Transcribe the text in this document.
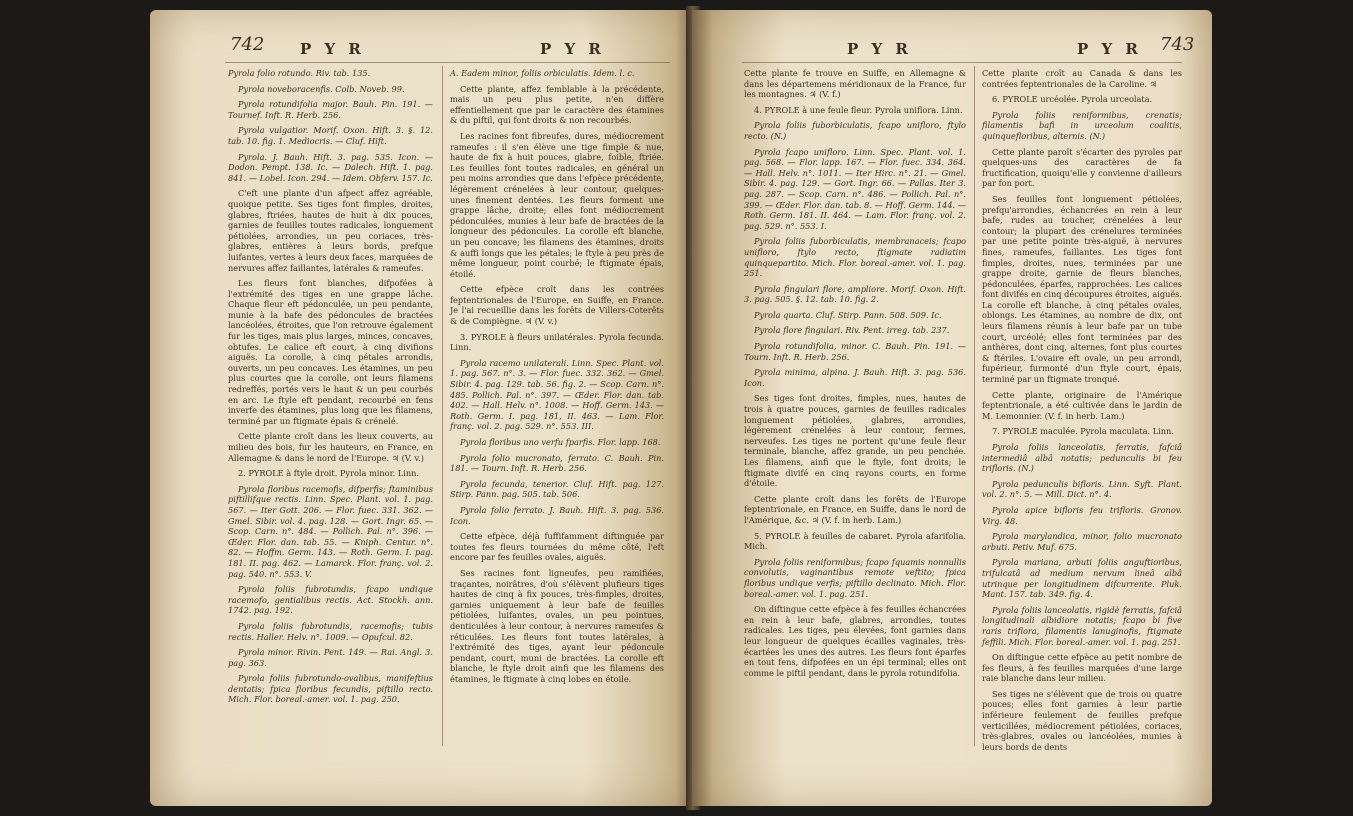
742 P Y R	P Y R

Pyrola folio rotundo. Riv. tab. 135.

Pyrola noveboracenfis. Colb. Noveb. 99.

Pyrola rotundifolia major. Bauh. Pin. 191. — Tournef. Inft. R. Herb. 256.

Pyrola vulgatior. Morif. Oxon. Hift. 3. §. 12. tab. 10. fig. 1. Mediocris. — Cluf. Hift.

Pyrola. J. Bauh. Hift. 3. pag. 535. Icon. — Dodon. Pempt. 138. Ic. — Dalech. Hift. 1. pag. 841. — Lobel. Icon. 294. — Idem. Obferv. 157. Ic.

C'eft une plante d'un afpect affez agréable, quoique petite. Ses tiges font fimples, droites, glabres, ftriées, hautes de huit à dix pouces, garnies de feuilles toutes radicales, longuement pétiolées, arrondies, un peu coriaces, très-glabres, entières à leurs bords, prefque luifantes, vertes à leurs deux faces, marquées de nervures affez faillantes, latérales & rameufes.

Les fleurs font blanches, difpofées à l'extrémité des tiges en une grappe lâche. Chaque fleur eft pédonculée, un peu pendante, munie à la bafe des pédoncules de bractées lancéolées, étroites, que l'on retrouve également fur les tiges, mais plus larges, minces, concaves, obtufes. Le calice eft court, à cinq divifions aiguës. La corolle, à cinq pétales arrondis, ouverts, un peu concaves. Les étamines, un peu plus courtes que la corolle, ont leurs filamens redreffés, portés vers le haut & un peu courbés en arc. Le ftyle eft pendant, recourbé en fens inverfe des étamines, plus long que les filamens, terminé par un ftigmate épais & crénelé.

Cette plante croît dans les lieux couverts, au milieu des bois, fur les hauteurs, en France, en Allemagne & dans le nord de l'Europe. ♃ (V. v.)

2. PYROLE à ftyle droit. Pyrola minor. Linn.

Pyrola floribus racemofis, difperfis; ftaminibus piftillifque rectis. Linn. Spec. Plant. vol. 1. pag. 567. — Iter Gott. 206. — Flor. fuec. 331. 362. — Gmel. Sibir. vol. 4. pag. 128. — Gort. Ingr. 65. — Scop. Carn. n°. 484. — Pollich. Pal. n°. 396. — Œder. Flor. dan. tab. 55. — Kniph. Centur. n°. 82. — Hoffm. Germ. 143. — Roth. Germ. I. pag. 181. II. pag. 462. — Lamarck. Flor. franç. vol. 2. pag. 540. n°. 553. V.

Pyrola foliis fubrotundis, fcapo undique racemofo, gentialibus rectis. Act. Stockh. ann. 1742. pag. 192.

Pyrola foliis fubrotundis, racemofis; tubis rectis. Haller. Helv. n°. 1009. — Opufcul. 82.

Pyrola minor. Rivin. Pent. 149. — Rai. Angl. 3. pag. 363.

Pyrola foliis fubrotundo-ovalibus, manifeftius dentatis; fpica floribus fecundis, piftillo recto. Mich. Flor. boreal.-amer. vol. 1. pag. 250.

A. Eadem minor, foliis orbiculatis. Idem. l. c.

Cette plante, affez femblable à la précédente, mais un peu plus petite, n'en diffère effentiellement que par le caractère des étamines & du piftil, qui font droits & non recourbés.

Les racines font fibreufes, dures, médiocrement rameufes : il s'en élève une tige fimple & nue, haute de fix à huit pouces, glabre, foible, ftriée. Les feuilles font toutes radicales, en général un peu moins arrondies que dans l'efpèce précédente, légèrement crénelées à leur contour, quelques-unes finement dentées. Les fleurs forment une grappe lâche, droite; elles font médiocrement pédonculées, munies à leur bafe de bractées de la longueur des pédoncules. La corolle eft blanche, un peu concave; les filamens des étamines, droits & auffi longs que les pétales; le ftyle à peu près de même longueur, point courbé; le ftigmate épais, étoilé.

Cette efpèce croît dans les contrées feptentrionales de l'Europe, en Suiffe, en France. Je l'ai recueillie dans les forêts de Villers-Coterêts & de Compiègne. ♃ (V. v.)

3. PYROLE à fleurs unilatérales. Pyrola fecunda. Linn.

Pyrola racemo unilaterali. Linn. Spec. Plant. vol. 1. pag. 567. n°. 3. — Flor. fuec. 332. 362. — Gmel. Sibir. 4. pag. 129. tab. 56. fig. 2. — Scop. Carn. n°. 485. Pollich. Pal. n°. 397. — Œder. Flor. dan. tab. 402. — Hall. Helv. n°. 1008. — Hoff. Germ. 143. — Roth. Germ. I. pag. 181, II. 463. — Lam. Flor. franç. vol. 2. pag. 529. n°. 553. III.

Pyrola floribus uno verfu fparfis. Flor. lapp. 168.

Pyrola folio mucronato, ferrato. C. Bauh. Pin. 181. — Tourn. Inft. R. Herb. 256.

Pyrola fecunda, tenerior. Cluf. Hift. pag. 127. Stirp. Pann. pag. 505. tab. 506.

Pyrola folio ferrato. J. Bauh. Hift. 3. pag. 536. Icon.

Cette efpèce, déjà fuffifamment diftinguée par toutes fes fleurs tournées du même côté, l'eft encore par fes feuilles ovales, aiguës.

Ses racines font ligneufes, peu ramifiées, traçantes, noirâtres, d'où s'élèvent plufieurs tiges hautes de cinq à fix pouces, très-fimples, droites, garnies uniquement à leur bafe de feuilles pétiolées, luifantes, ovales, un peu pointues, denticulées à leur contour, à nervures rameufes & réticulées. Les fleurs font toutes latérales, à l'extrémité des tiges, ayant leur pédoncule pendant, court, muni de bractées. La corolle eft blanche, le ftyle droit ainfi que les filamens des étamines, le ftigmate à cinq lobes en étoile.

P Y R	P Y R 743

Cette plante fe trouve en Suiffe, en Allemagne & dans les départemens méridionaux de la France, fur les montagnes. ♃ (V. f.)

4. PYROLE à une feule fleur. Pyrola uniflora. Linn.

Pyrola foliis fuborbiculatis, fcapo unifloro, ftylo recto. (N.)

Pyrola fcapo unifloro. Linn. Spec. Plant. vol. 1. pag. 568. — Flor. lapp. 167. — Flor. fuec. 334. 364. — Hall. Helv. n°. 1011. — Iter Hirc. n°. 21. — Gmel. Sibir. 4. pag. 129. — Gort. Ingr. 66. — Pallas. Iter 3. pag. 287. — Scop. Carn. n°. 486. — Pollich. Pal. n°. 399. — Œder. Flor. dan. tab. 8. — Hoff. Germ. 144. — Roth. Germ. 181. II. 464. — Lam. Flor. franç. vol. 2. pag. 529. n°. 553. I.

Pyrola foliis fuborbiculatis, membranaceis; fcapo unifloro, ftylo recto, ftigmate radiatim quinquepartito. Mich. Flor. boreal.-amer. vol. 1. pag. 251.

Pyrola fingulari flore, ampliore. Morif. Oxon. Hift. 3. pag. 505. §. 12. tab. 10. fig. 2.

Pyrola quarta. Cluf. Stirp. Pann. 508. 509. Ic.

Pyrola flore fingulari. Riv. Pent. irreg. tab. 237.

Pyrola rotundifolia, minor. C. Bauh. Pin. 191. — Tourn. Inft. R. Herb. 256.

Pyrola minima, alpina. J. Bauh. Hift. 3. pag. 536. Icon.

Ses tiges font droites, fimples, nues, hautes de trois à quatre pouces, garnies de feuilles radicales longuement pétiolées, glabres, arrondies, légèrement crénelées à leur contour, fermes, nerveufes. Les tiges ne portent qu'une feule fleur terminale, blanche, affez grande, un peu penchée. Les filamens, ainfi que le ftyle, font droits; le ftigmate divifé en cinq rayons courts, en forme d'étoile.

Cette plante croît dans les forêts de l'Europe feptentrionale, en France, en Suiffe, dans le nord de l'Amérique, &c. ♃ (V. f. in herb. Lam.)

5. PYROLE à feuilles de cabaret. Pyrola afarifolia. Mich.

Pyrola foliis reniformibus; fcapo fquamis nonnullis convolutis, vaginantibus remote veftito; fpica floribus undique verfis; piftillo declinato. Mich. Flor. boreal.-amer. vol. 1. pag. 251.

On diftingue cette efpèce à fes feuilles échancrées en rein à leur bafe, glabres, arrondies, toutes radicales. Les tiges, peu élevées, font garnies dans leur longueur de quelques écailles vaginales, très-écartées les unes des autres. Les fleurs font éparfes en tout fens, difpofées en un épi terminal; elles ont comme le piftil pendant, dans le pyrola rotundifolia.

Cette plante croît au Canada & dans les contrées feptentrionales de la Caroline. ♃

6. PYROLE urcéolée. Pyrola urceolata.

Pyrola foliis reniformibus, crenatis; filamentis bafi in urceolum coalitis, quinquefloribus, alternis. (N.)

Cette plante paroît s'écarter des pyroles par quelques-uns des caractères de fa fructification, quoiqu'elle y convienne d'ailleurs par fon port.

Ses feuilles font longuement pétiolées, prefqu'arrondies, échancrées en rein à leur bafe, rudes au toucher, crénelées à leur contour; la plupart des crénelures terminées par une petite pointe très-aiguë, à nervures fines, rameufes, faillantes. Les tiges font fimples, droites, nues, terminées par une grappe droite, garnie de fleurs blanches, pédonculées, éparfes, rapprochées. Les calices font divifés en cinq découpures étroites, aiguës. La corolle eft blanche, à cinq pétales ovales, oblongs. Les étamines, au nombre de dix, ont leurs filamens réunis à leur bafe par un tube court, urcéolé; elles font terminées par des anthères, dont cinq, alternes, font plus courtes & ftériles. L'ovaire eft ovale, un peu arrondi, fupérieur, furmonté d'un ftyle court, épais, terminé par un ftigmate tronqué.

Cette plante, originaire de l'Amérique feptentrionale, a été cultivée dans le jardin de M. Lemonnier. (V. f. in herb. Lam.)

7. PYROLE maculée. Pyrola maculata. Linn.

Pyrola foliis lanceolatis, ferratis, fafciâ intermediâ albâ notatis; pedunculis bi feu trifloris. (N.)

Pyrola pedunculis bifloris. Linn. Syft. Plant. vol. 2. n°. 5. — Mill. Dict. n°. 4.

Pyrola apice bifloris feu trifloris. Gronov. Virg. 48.

Pyrola marylandica, minor, folio mucronato arbuti. Petiv. Muf. 675.

Pyrola mariana, arbuti foliis anguftioribus, trifulcatâ ad medium nervum lineâ albâ utrinque per longitudinem difcurrente. Pluk. Mant. 157. tab. 349. fig. 4.

Pyrola foliis lanceolatis, rigidè ferratis, fafciâ longitudinali albidiore notatis; fcapo bi five raris triflora, filamentis lanuginofis, ftigmate feffili. Mich. Flor. boreal.-amer. vol. 1. pag. 251.

On diftingue cette efpèce au petit nombre de fes fleurs, à fes feuilles marquées d'une large raie blanche dans leur milieu.

Ses tiges ne s'élèvent que de trois ou quatre pouces; elles font garnies à leur partie inférieure feulement de feuilles prefque verticillées, médiocrement pétiolées, coriaces, très-glabres, ovales ou lancéolées, munies à leurs bords de dents
